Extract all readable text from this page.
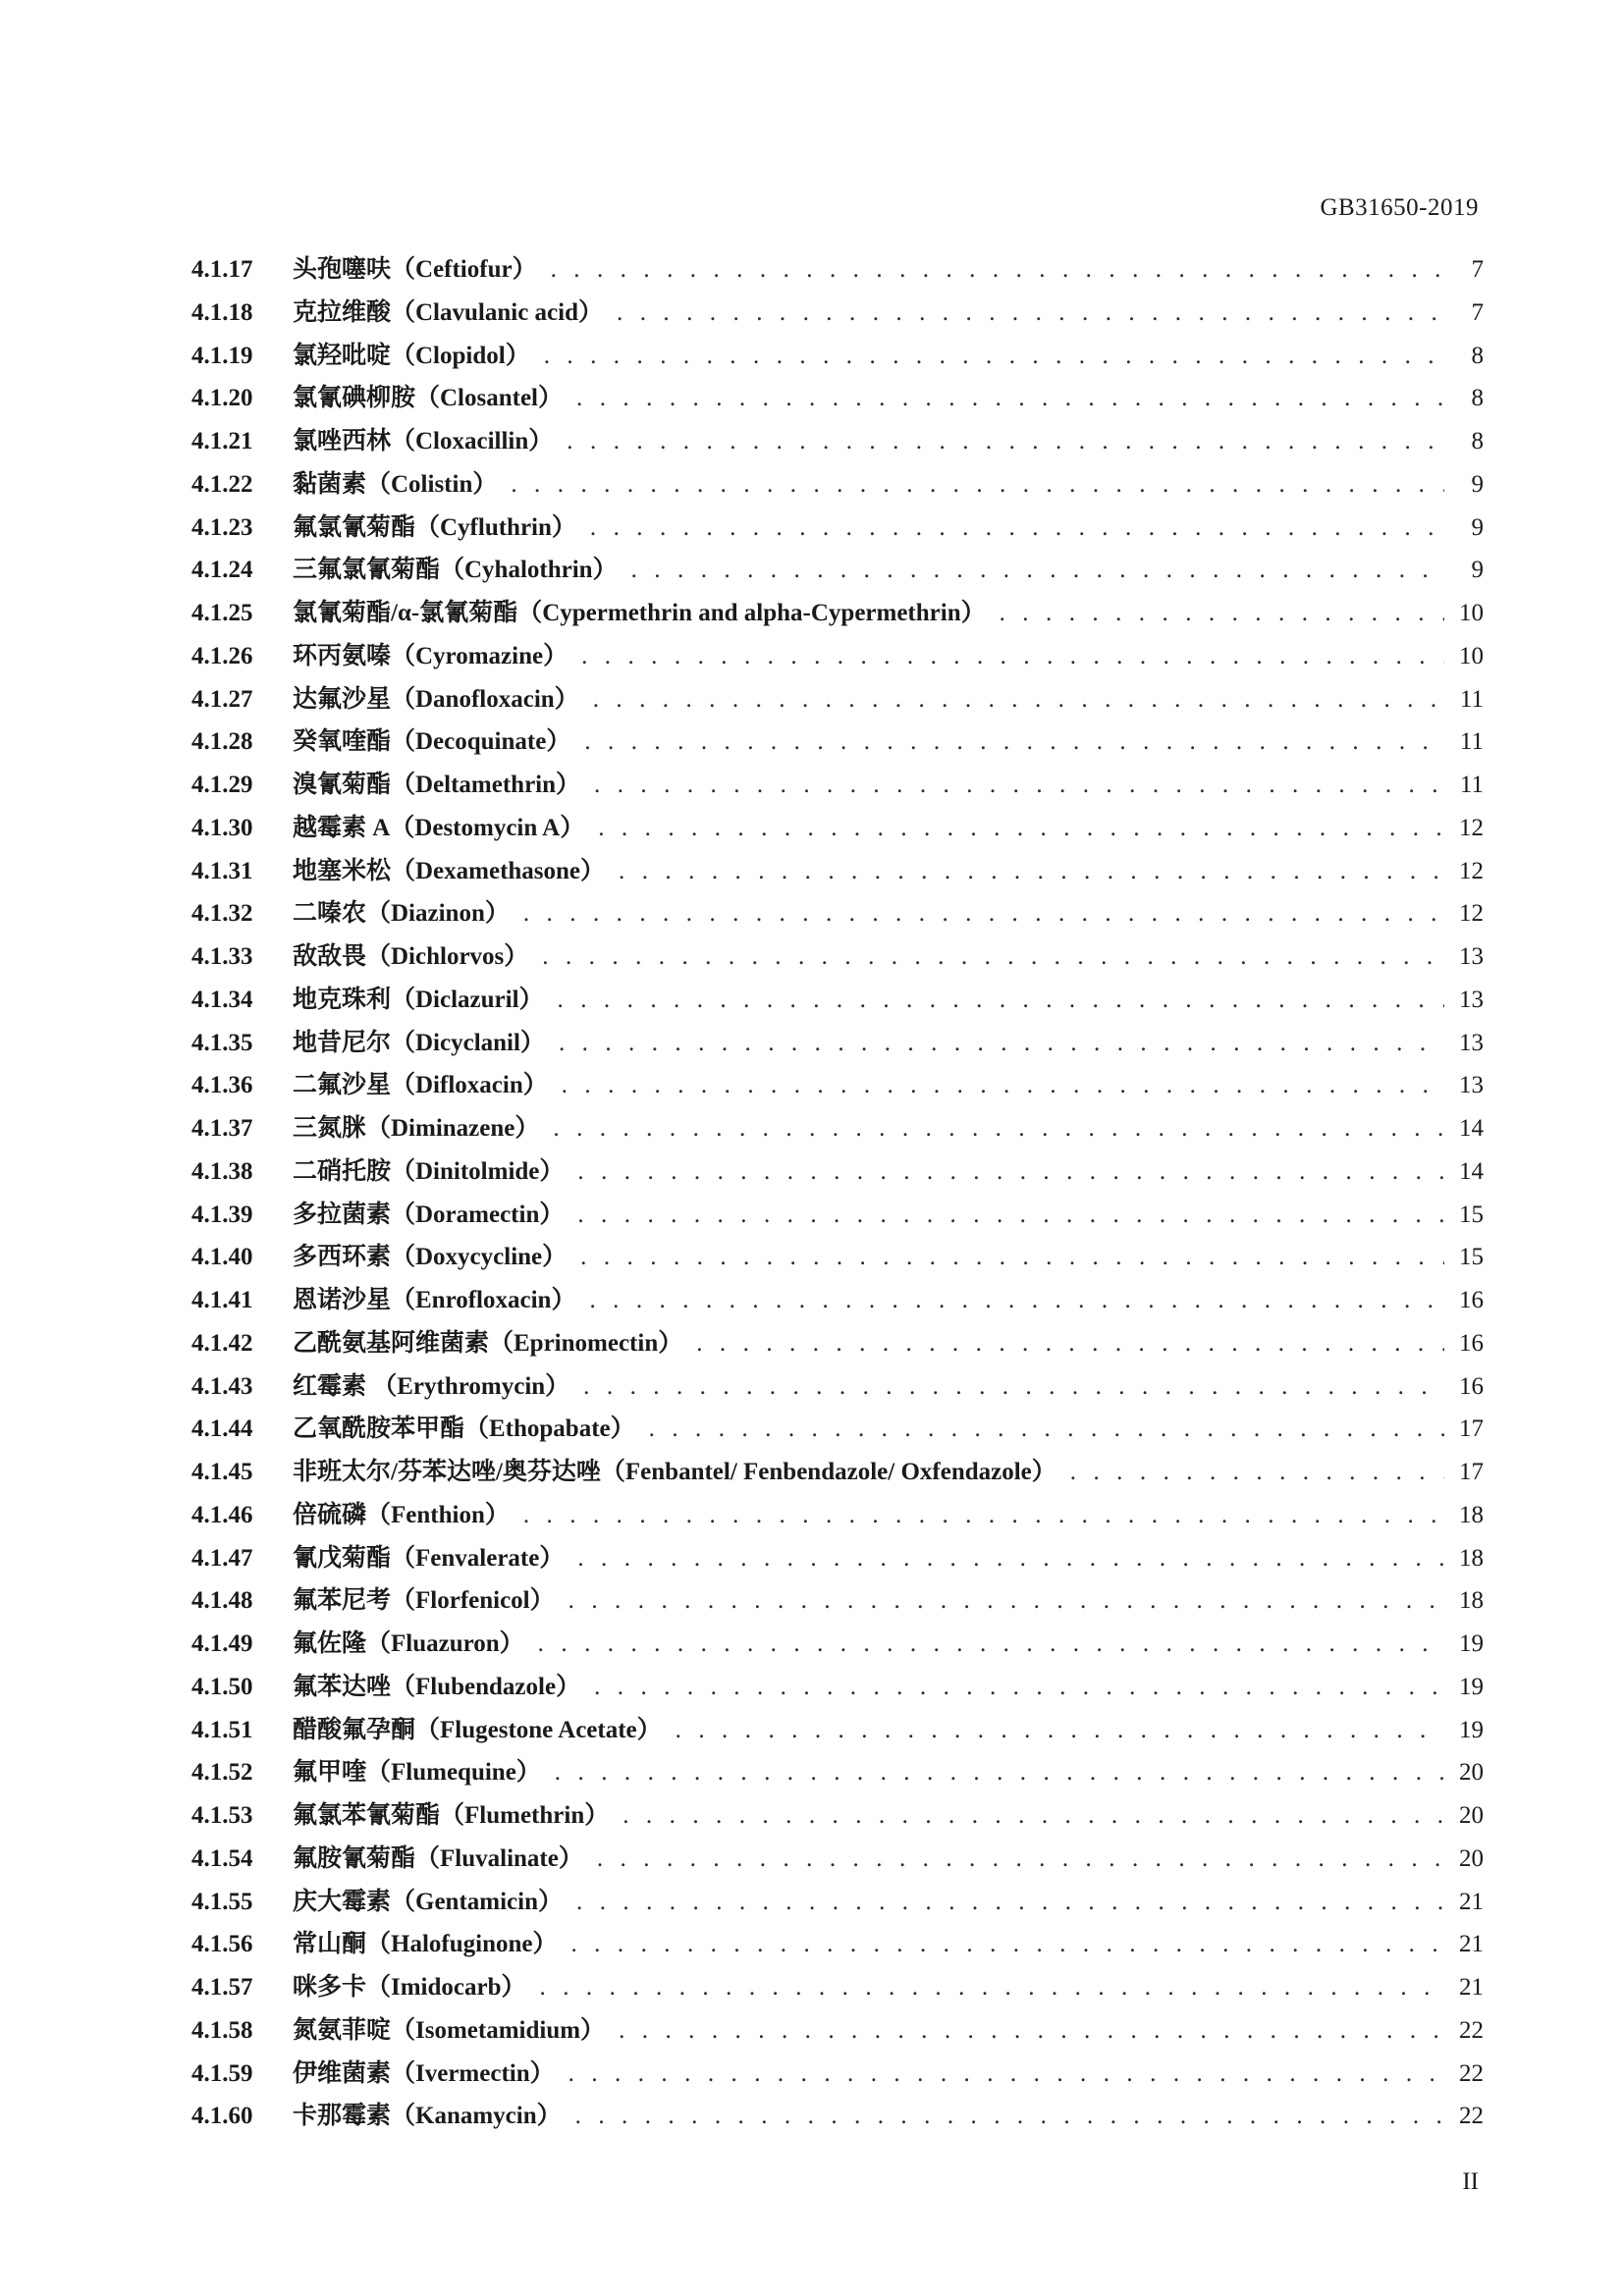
GB31650-2019
4.1.17	头孢噻呋（Ceftiofur） . . .	7
4.1.18	克拉维酸（Clavulanic acid） . . .	7
4.1.19	氯羟吡啶（Clopidol） . . .	8
4.1.20	氯氰碘柳胺（Closantel） . . .	8
4.1.21	氯唑西林（Cloxacillin） . . .	8
4.1.22	黏菌素（Colistin） . . .	9
4.1.23	氟氯氰菊酯（Cyfluthrin） . . .	9
4.1.24	三氟氯氰菊酯（Cyhalothrin） . . .	9
4.1.25	氯氰菊酯/α-氯氰菊酯（Cypermethrin and alpha-Cypermethrin） . . .	10
4.1.26	环丙氨嗪（Cyromazine） . . .	10
4.1.27	达氟沙星（Danofloxacin） . . .	11
4.1.28	癸氧喹酯（Decoquinate） . . .	11
4.1.29	溴氰菊酯（Deltamethrin） . . .	11
4.1.30	越霉素 A（Destomycin A） . . .	12
4.1.31	地塞米松（Dexamethasone） . . .	12
4.1.32	二嗪农（Diazinon） . . .	12
4.1.33	敌敌畏（Dichlorvos） . . .	13
4.1.34	地克珠利（Diclazuril） . . .	13
4.1.35	地昔尼尔（Dicyclanil） . . .	13
4.1.36	二氟沙星（Difloxacin） . . .	13
4.1.37	三氮脒（Diminazene） . . .	14
4.1.38	二硝托胺（Dinitolmide） . . .	14
4.1.39	多拉菌素（Doramectin） . . .	15
4.1.40	多西环素（Doxycycline） . . .	15
4.1.41	恩诺沙星（Enrofloxacin） . . .	16
4.1.42	乙酰氨基阿维菌素（Eprinomectin） . . .	16
4.1.43	红霉素 （Erythromycin） . . .	16
4.1.44	乙氧酰胺苯甲酯（Ethopabate） . . .	17
4.1.45	非班太尔/芬苯达唑/奥芬达唑（Fenbantel/ Fenbendazole/ Oxfendazole） . . .	17
4.1.46	倍硫磷（Fenthion） . . .	18
4.1.47	氰戊菊酯（Fenvalerate） . . .	18
4.1.48	氟苯尼考（Florfenicol） . . .	18
4.1.49	氟佐隆（Fluazuron） . . .	19
4.1.50	氟苯达唑（Flubendazole） . . .	19
4.1.51	醋酸氟孕酮（Flugestone Acetate） . . .	19
4.1.52	氟甲喹（Flumequine） . . .	20
4.1.53	氟氯苯氰菊酯（Flumethrin） . . .	20
4.1.54	氟胺氰菊酯（Fluvalinate） . . .	20
4.1.55	庆大霉素（Gentamicin） . . .	21
4.1.56	常山酮（Halofuginone） . . .	21
4.1.57	咪多卡（Imidocarb） . . .	21
4.1.58	氮氨菲啶（Isometamidium） . . .	22
4.1.59	伊维菌素（Ivermectin） . . .	22
4.1.60	卡那霉素（Kanamycin） . . .	22
II
